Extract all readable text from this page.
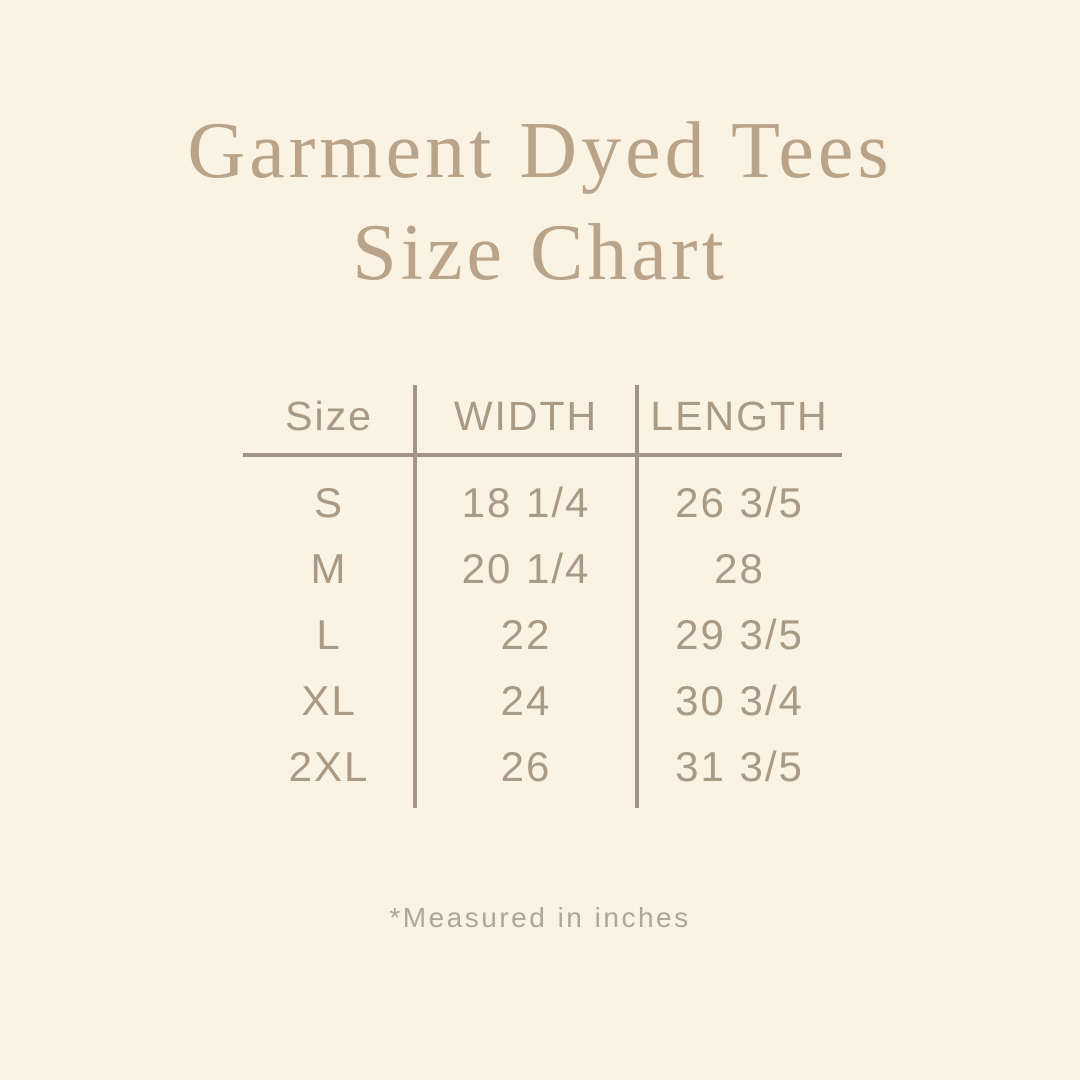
Garment Dyed Tees
Size Chart
Size	WIDTH	LENGTH
S	18 1/4	26 3/5
M	20 1/4	28
L	22	29 3/5
XL	24	30 3/4
2XL	26	31 3/5
*Measured in inches
